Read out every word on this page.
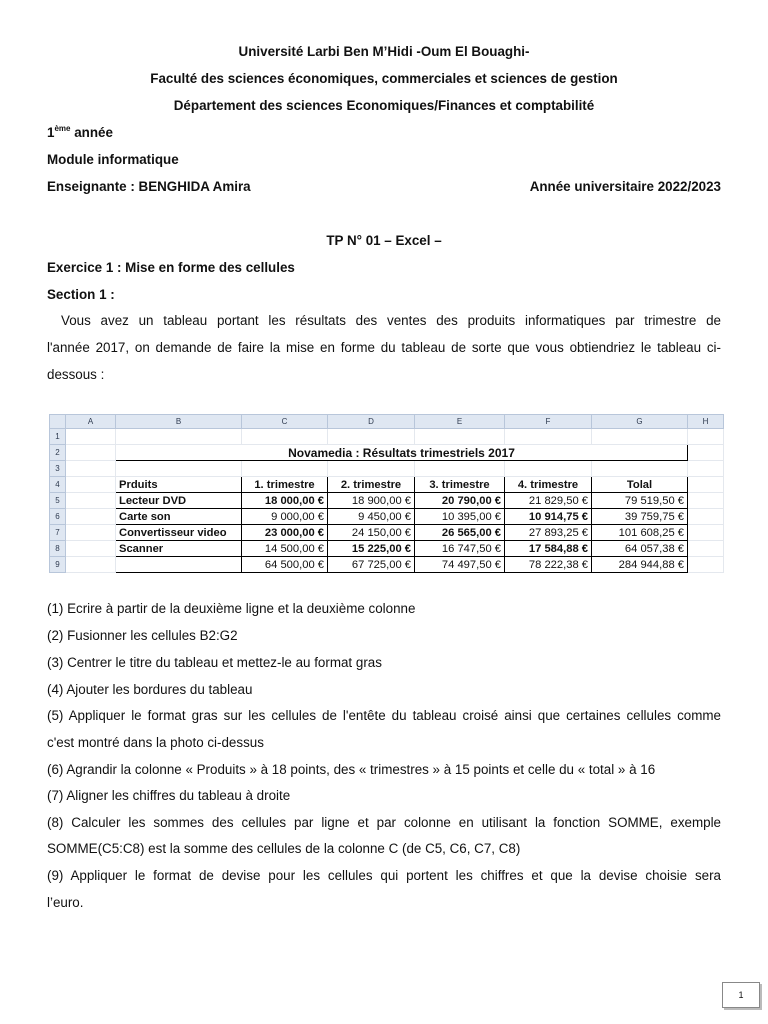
Université Larbi Ben M’Hidi -Oum El Bouaghi-
Faculté des sciences économiques, commerciales et sciences de gestion
Département des sciences Economiques/Finances et comptabilité
1ème année
Module informatique
Enseignante : BENGHIDA Amira	Année universitaire 2022/2023
TP N° 01 – Excel –
Exercice 1 : Mise en forme des cellules
Section 1 :
Vous avez un tableau portant les résultats des ventes des produits informatiques par trimestre de
l'année 2017, on demande de faire la mise en forme du tableau de sorte que vous obtiendriez le tableau ci-
dessous :
	A	B	C	D	E	F	G	H
1								
2		Novamedia : Résultats trimestriels 2017						
3								
4		Prduits	1. trimestre	2. trimestre	3. trimestre	4. trimestre	Tolal	
5		Lecteur DVD	18 000,00 €	18 900,00 €	20 790,00 €	21 829,50 €	79 519,50 €	
6		Carte son	9 000,00 €	9 450,00 €	10 395,00 €	10 914,75 €	39 759,75 €	
7		Convertisseur video	23 000,00 €	24 150,00 €	26 565,00 €	27 893,25 €	101 608,25 €	
8		Scanner	14 500,00 €	15 225,00 €	16 747,50 €	17 584,88 €	64 057,38 €	
9			64 500,00 €	67 725,00 €	74 497,50 €	78 222,38 €	284 944,88 €	
(1) Ecrire à partir de la deuxième ligne et la deuxième colonne
(2) Fusionner les cellules B2:G2
(3) Centrer le titre du tableau et mettez-le au format gras
(4) Ajouter les bordures du tableau
(5) Appliquer le format gras sur les cellules de l'entête du tableau croisé ainsi que certaines cellules comme
c'est montré dans la photo ci-dessus
(6) Agrandir la colonne « Produits » à 18 points, des « trimestres » à 15 points et celle du « total » à 16
(7) Aligner les chiffres du tableau à droite
(8) Calculer les sommes des cellules par ligne et par colonne en utilisant la fonction SOMME, exemple
SOMME(C5:C8) est la somme des cellules de la colonne C (de C5, C6, C7, C8)
(9) Appliquer le format de devise pour les cellules qui portent les chiffres et que la devise choisie sera
l’euro.
1
